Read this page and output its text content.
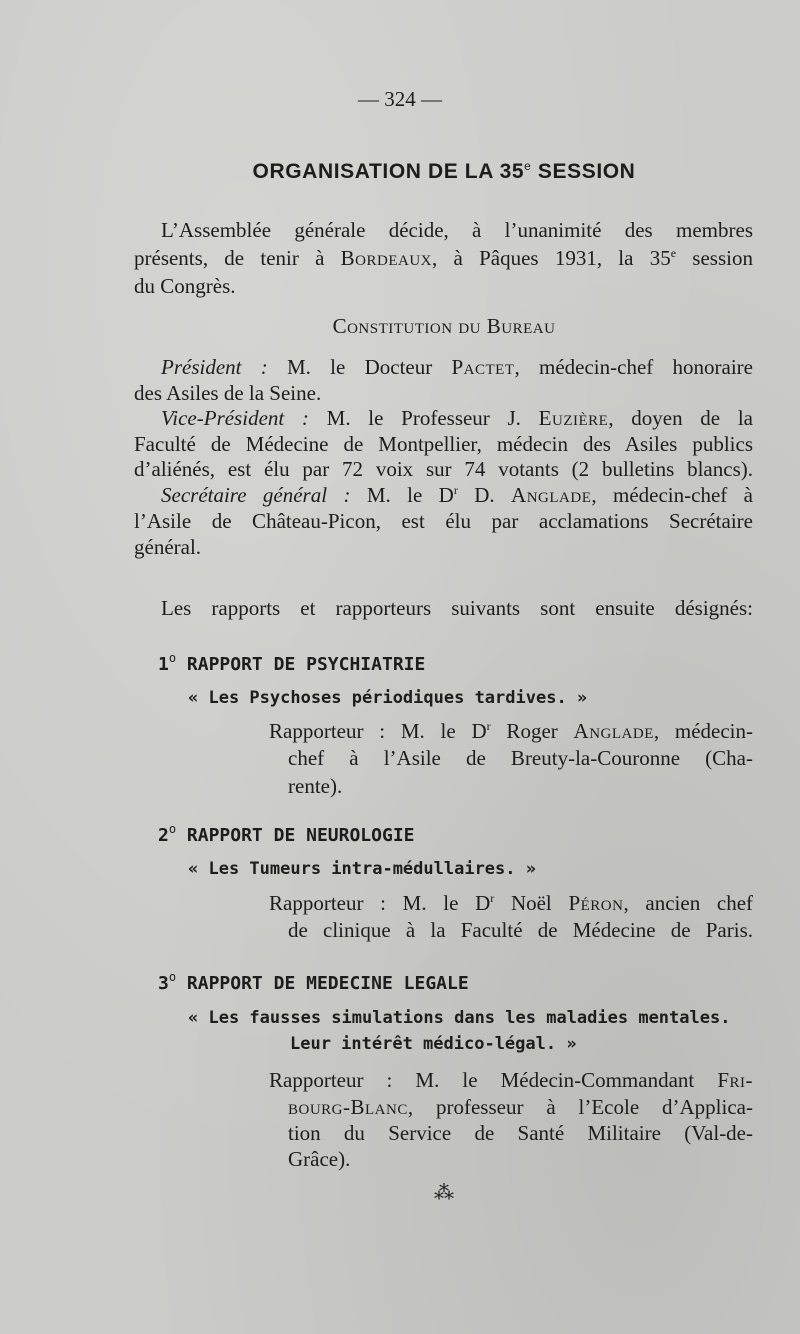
— 324 —
ORGANISATION DE LA 35e SESSION
L’Assemblée générale décide, à l’unanimité des membres
présents, de tenir à Bordeaux, à Pâques 1931, la 35e session
du Congrès.
Constitution du Bureau
Président : M. le Docteur Pactet, médecin-chef honoraire
des Asiles de la Seine.
Vice-Président : M. le Professeur J. Euzière, doyen de la
Faculté de Médecine de Montpellier, médecin des Asiles publics
d’aliénés, est élu par 72 voix sur 74 votants (2 bulletins blancs).
Secrétaire général : M. le $D^r$ D. Anglade, médecin-chef à
l’Asile de Château-Picon, est élu par acclamations Secrétaire
général.
Les rapports et rapporteurs suivants sont ensuite désignés:
1$^o$ RAPPORT DE PSYCHIATRIE
« Les Psychoses périodiques tardives. »
Rapporteur : M. le $D^r$ Roger Anglade, médecin-
chef à l’Asile de Breuty-la-Couronne (Cha-
rente).
2$^o$ RAPPORT DE NEUROLOGIE
« Les Tumeurs intra-médullaires. »
Rapporteur : M. le $D^r$ Noël Péron, ancien chef
de clinique à la Faculté de Médecine de Paris.
3$^o$ RAPPORT DE MEDECINE LEGALE
« Les fausses simulations dans les maladies mentales.
Leur intérêt médico-légal. »
Rapporteur : M. le Médecin-Commandant Fri-
bourg-Blanc, professeur à l’Ecole d’Applica-
tion du Service de Santé Militaire (Val-de-
Grâce).
⁂
